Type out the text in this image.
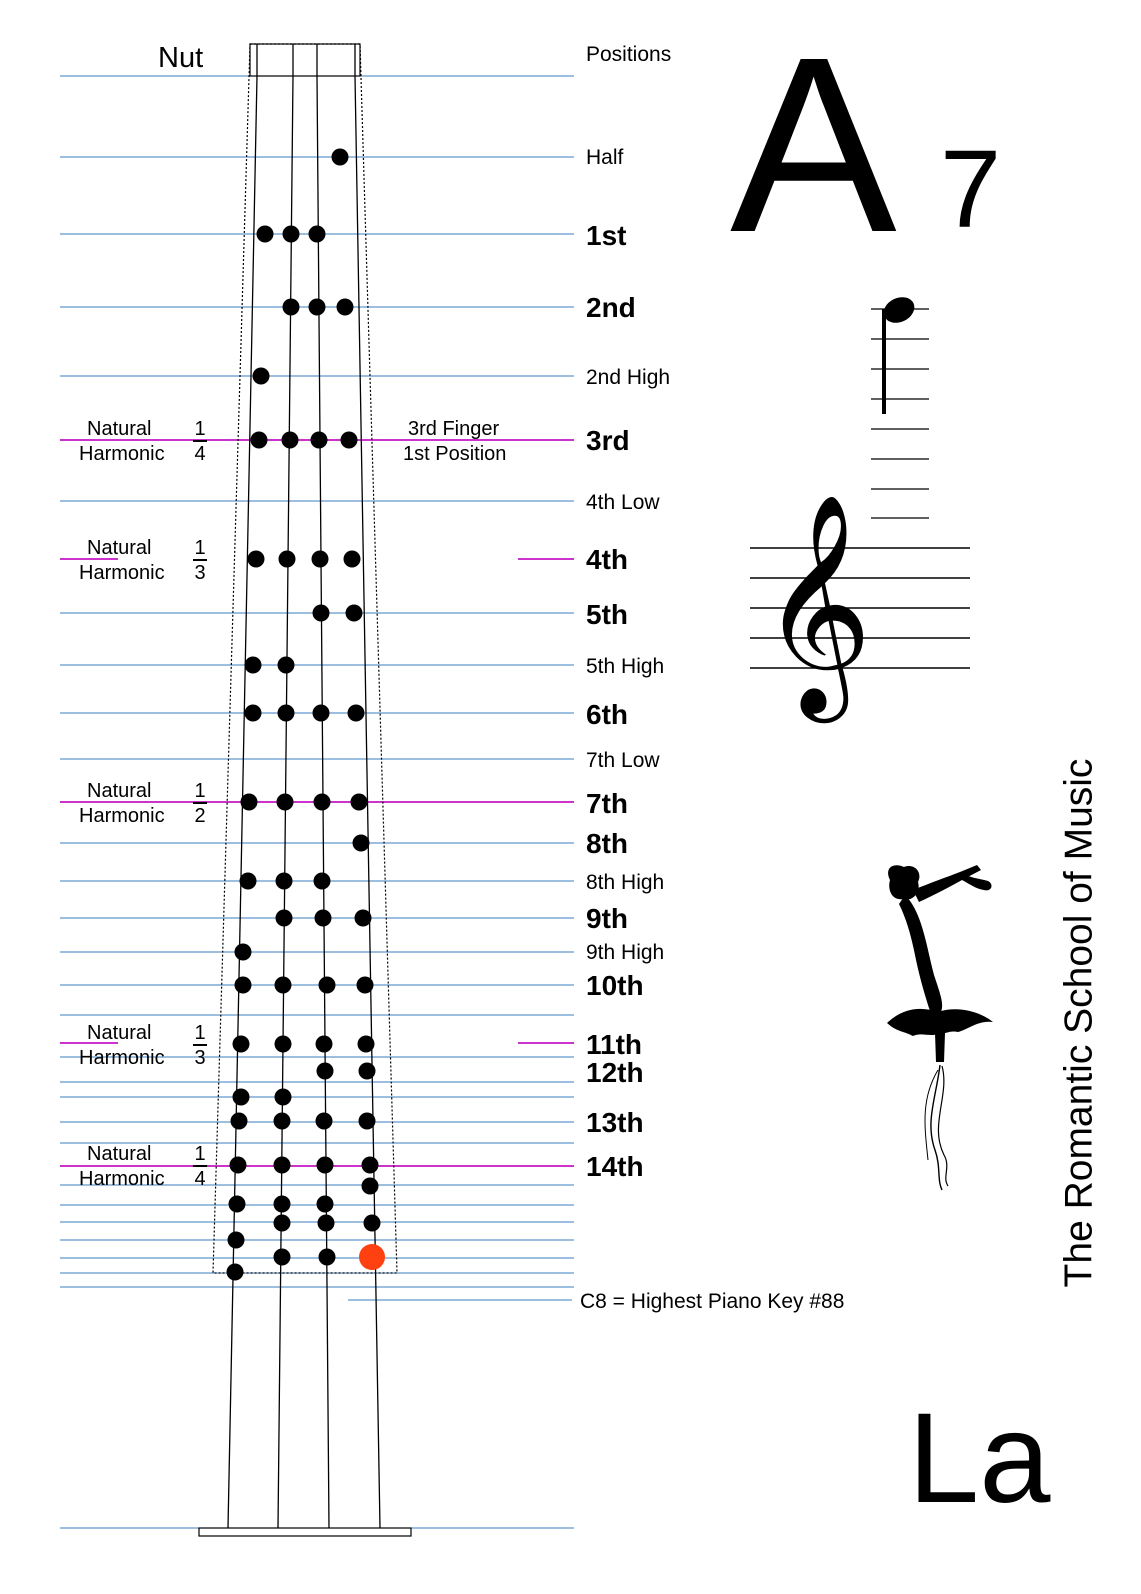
𝄞
Nut	Positions
Half
1st
2nd
2nd High
3rd
4th Low
4th
5th
5th High
6th
7th Low
7th
8th
8th High
9th
9th High
10th
11th
12th
13th
14th
Natural
Harmonic
1
4
Natural
Harmonic
1
3
Natural
Harmonic
1
2
Natural
Harmonic
1
3
Natural
Harmonic
1
4
3rd Finger
1st Position
C8 = Highest Piano Key #88
A 7
La
The Romantic School of Music
